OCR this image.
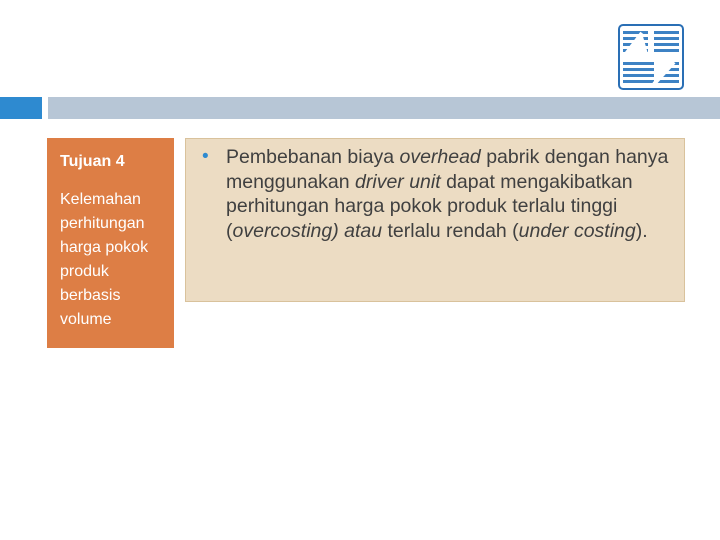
Tujuan 4

Kelemahan perhitungan harga pokok produk berbasis volume

• Pembebanan biaya overhead pabrik dengan hanya menggunakan driver unit dapat mengakibatkan perhitungan harga pokok produk terlalu tinggi (overcosting) atau terlalu rendah (under costing).
